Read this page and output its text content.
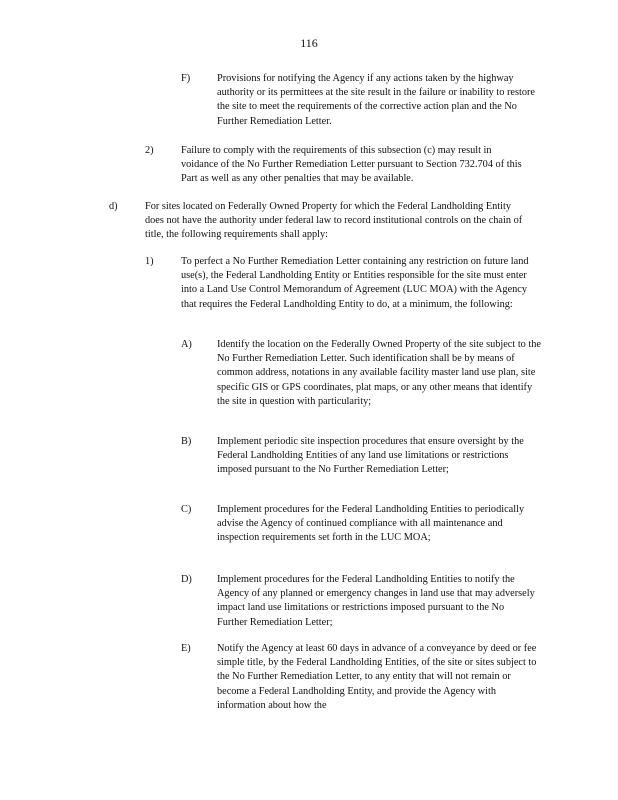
116
F)	Provisions for notifying the Agency if any actions taken by the highway authority or its permittees at the site result in the failure or inability to restore the site to meet the requirements of the corrective action plan and the No Further Remediation Letter.
2)	Failure to comply with the requirements of this subsection (c) may result in voidance of the No Further Remediation Letter pursuant to Section 732.704 of this Part as well as any other penalties that may be available.
d)	For sites located on Federally Owned Property for which the Federal Landholding Entity does not have the authority under federal law to record institutional controls on the chain of title, the following requirements shall apply:
1)	To perfect a No Further Remediation Letter containing any restriction on future land use(s), the Federal Landholding Entity or Entities responsible for the site must enter into a Land Use Control Memorandum of Agreement (LUC MOA) with the Agency that requires the Federal Landholding Entity to do, at a minimum, the following:
A) Identify the location on the Federally Owned Property of the site subject to the No Further Remediation Letter. Such identification shall be by means of common address, notations in any available facility master land use plan, site specific GIS or GPS coordinates, plat maps, or any other means that identify the site in question with particularity;
B) Implement periodic site inspection procedures that ensure oversight by the Federal Landholding Entities of any land use limitations or restrictions imposed pursuant to the No Further Remediation Letter;
C) Implement procedures for the Federal Landholding Entities to periodically advise the Agency of continued compliance with all maintenance and inspection requirements set forth in the LUC MOA;
D) Implement procedures for the Federal Landholding Entities to notify the Agency of any planned or emergency changes in land use that may adversely impact land use limitations or restrictions imposed pursuant to the No Further Remediation Letter;
E)	Notify the Agency at least 60 days in advance of a conveyance by deed or fee simple title, by the Federal Landholding Entities, of the site or sites subject to the No Further Remediation Letter, to any entity that will not remain or become a Federal Landholding Entity, and provide the Agency with information about how the
